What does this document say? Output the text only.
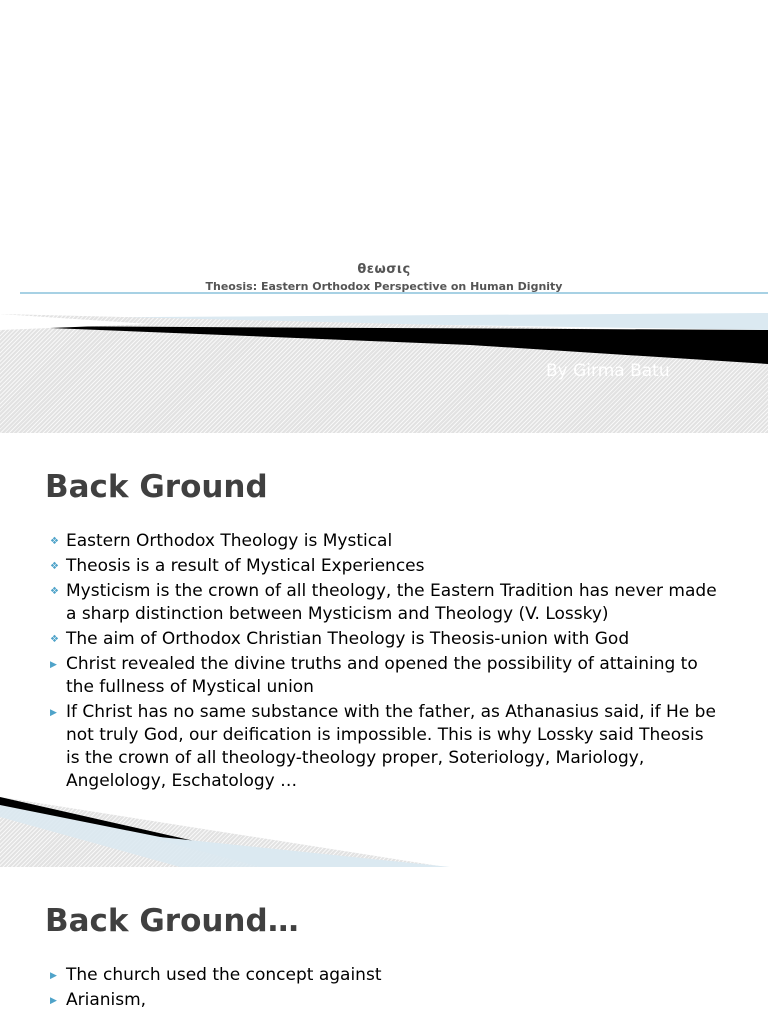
θεωσις
Theosis: Eastern Orthodox Perspective on Human Dignity
By Girma Batu
Back Ground
❖ Eastern Orthodox Theology is Mystical
❖ Theosis is a result of Mystical Experiences
❖ Mysticism is the crown of all theology, the Eastern Tradition has never made a sharp distinction between Mysticism and Theology (V. Lossky)
❖ The aim of Orthodox Christian Theology is Theosis-union with God
▶ Christ revealed the divine truths and opened the possibility of attaining to the fullness of Mystical union
▶ If Christ has no same substance with the father, as Athanasius said, if He be not truly God, our deification is impossible. This is why Lossky said Theosis is the crown of all theology-theology proper, Soteriology, Mariology, Angelology, Eschatology …
Back Ground…
▶ The church used the concept against
▶ Arianism,
